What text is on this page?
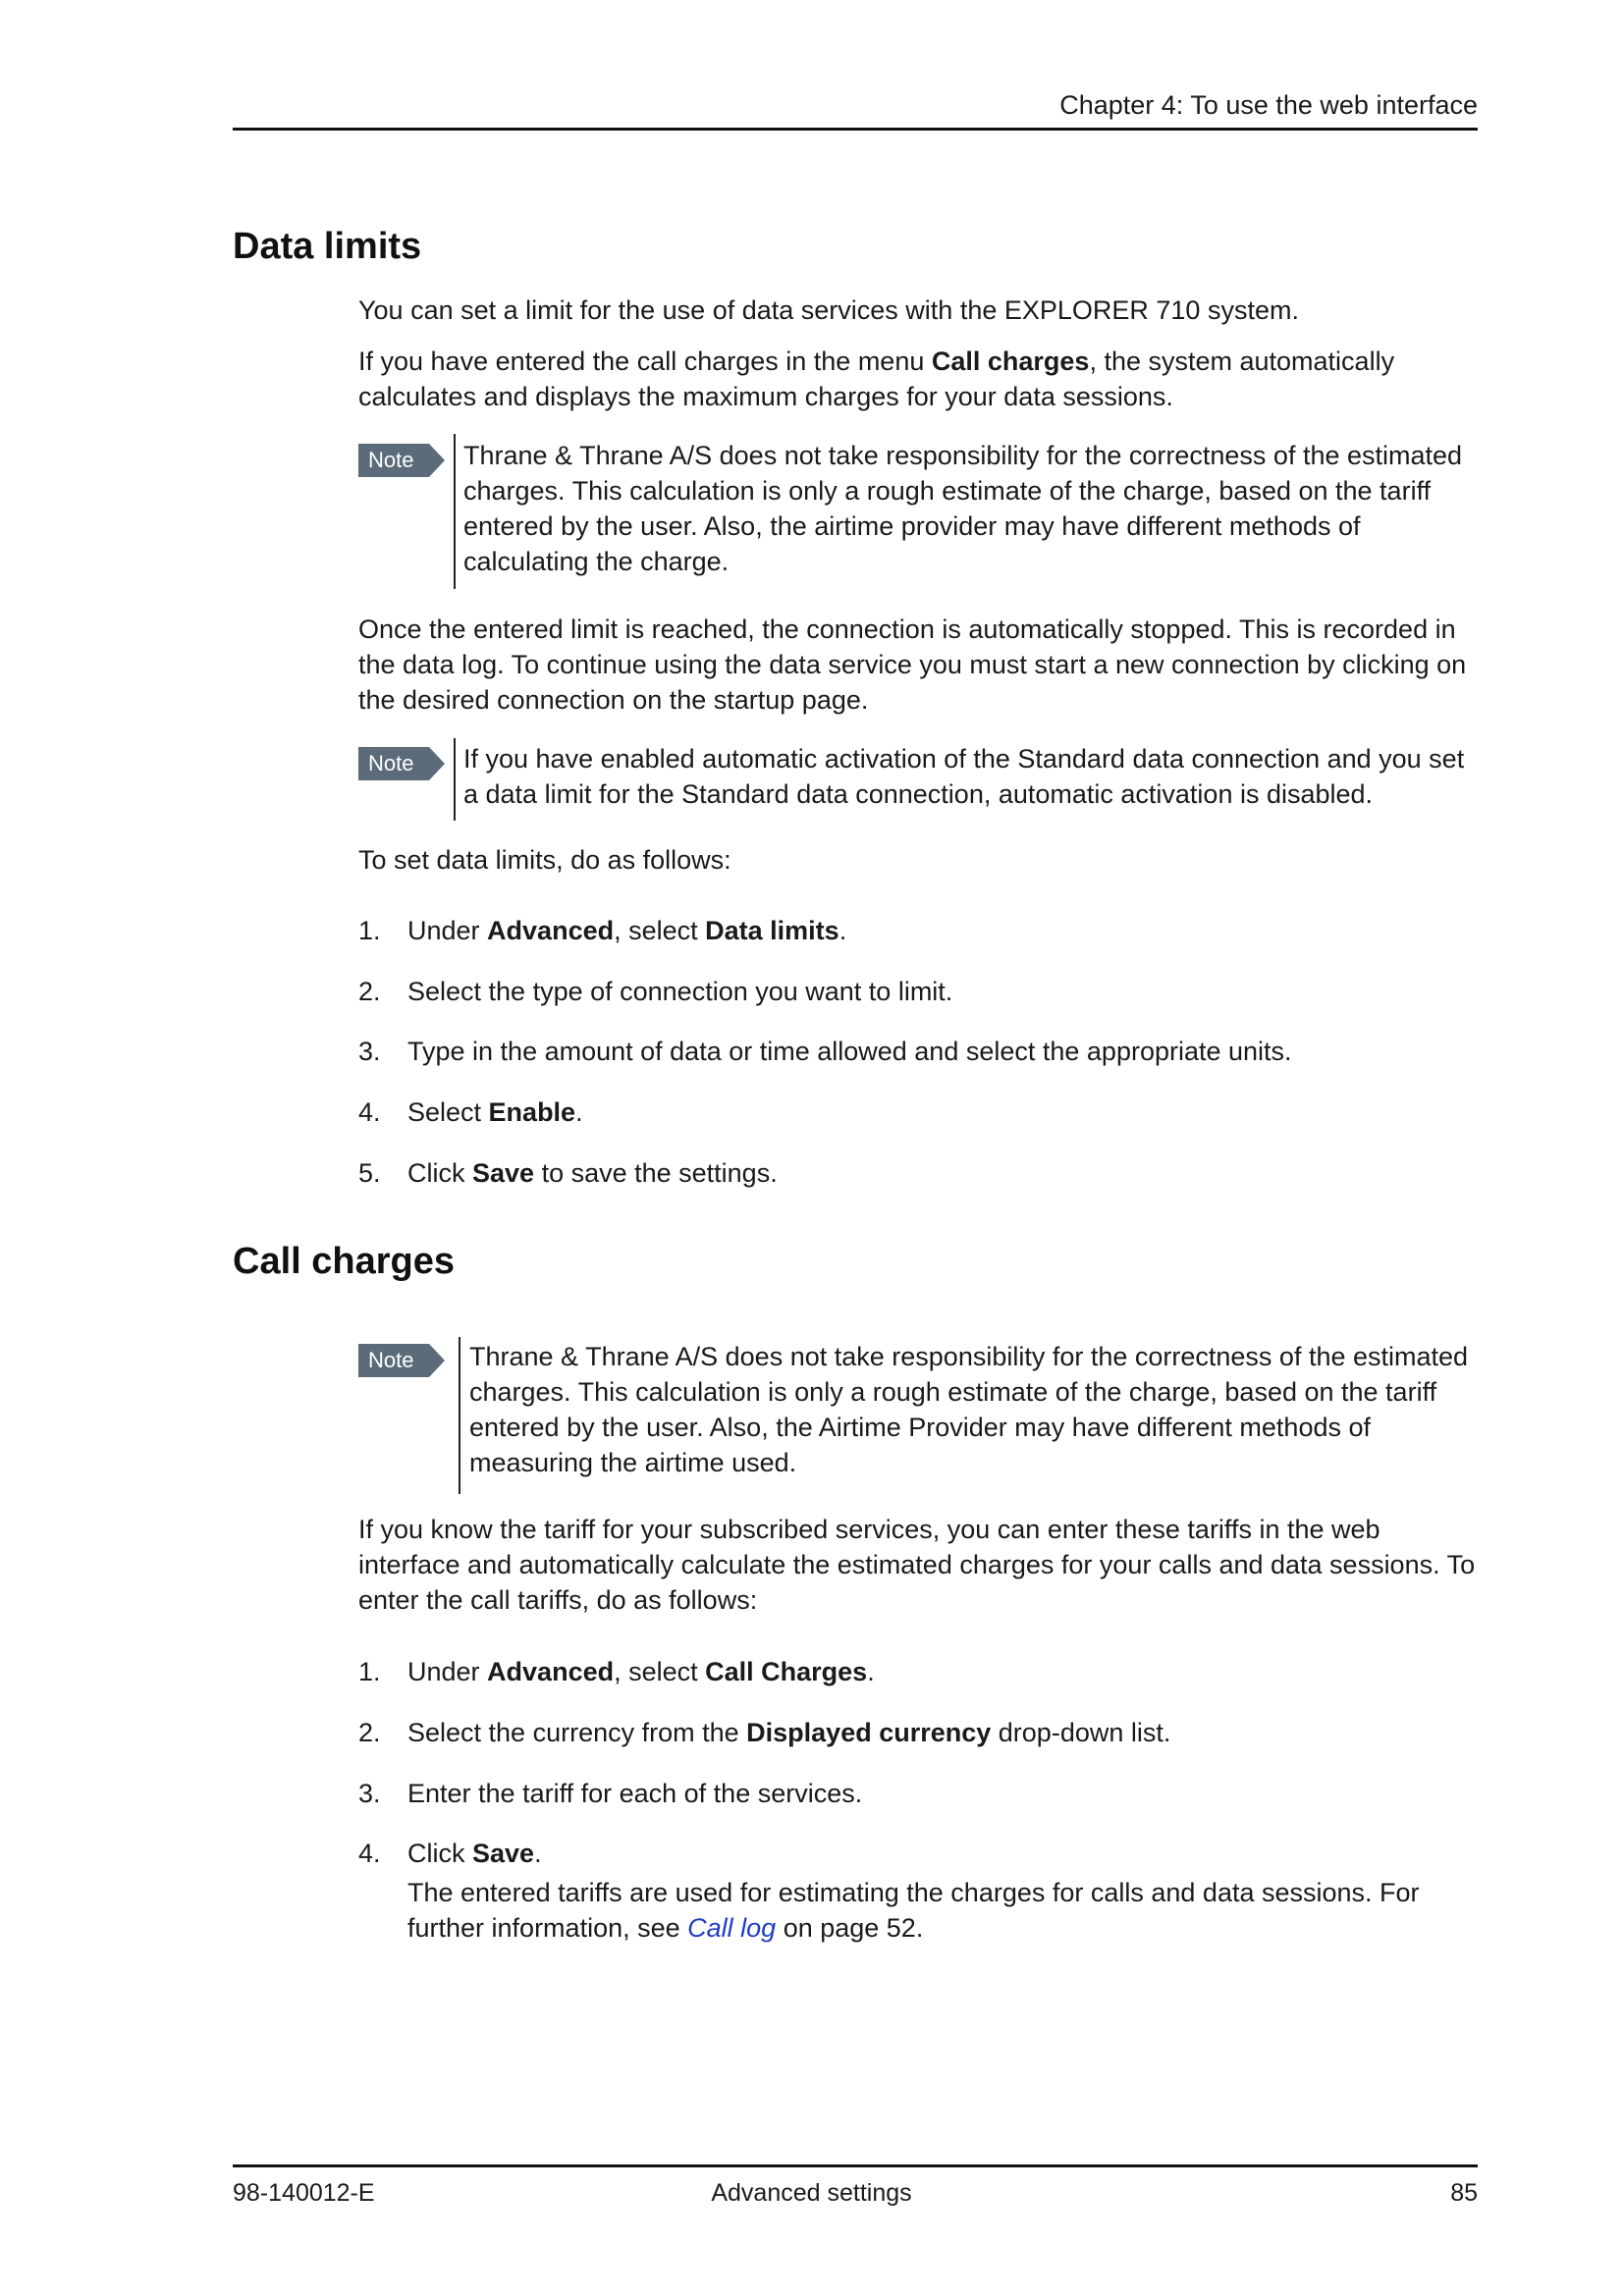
Chapter 4: To use the web interface
Data limits
You can set a limit for the use of data services with the EXPLORER 710 system.
If you have entered the call charges in the menu Call charges, the system automatically calculates and displays the maximum charges for your data sessions.
Note	Thrane & Thrane A/S does not take responsibility for the correctness of the estimated charges. This calculation is only a rough estimate of the charge, based on the tariff entered by the user. Also, the airtime provider may have different methods of calculating the charge.
Once the entered limit is reached, the connection is automatically stopped. This is recorded in the data log. To continue using the data service you must start a new connection by clicking on the desired connection on the startup page.
Note	If you have enabled automatic activation of the Standard data connection and you set a data limit for the Standard data connection, automatic activation is disabled.
To set data limits, do as follows:
1.	Under Advanced, select Data limits.
2.	Select the type of connection you want to limit.
3.	Type in the amount of data or time allowed and select the appropriate units.
4.	Select Enable.
5.	Click Save to save the settings.
Call charges
Note	Thrane & Thrane A/S does not take responsibility for the correctness of the estimated charges. This calculation is only a rough estimate of the charge, based on the tariff entered by the user. Also, the Airtime Provider may have different methods of measuring the airtime used.
If you know the tariff for your subscribed services, you can enter these tariffs in the web interface and automatically calculate the estimated charges for your calls and data sessions. To enter the call tariffs, do as follows:
1.	Under Advanced, select Call Charges.
2.	Select the currency from the Displayed currency drop-down list.
3.	Enter the tariff for each of the services.
4.	Click Save.
The entered tariffs are used for estimating the charges for calls and data sessions. For further information, see Call log on page 52.
98-140012-E	Advanced settings	85
